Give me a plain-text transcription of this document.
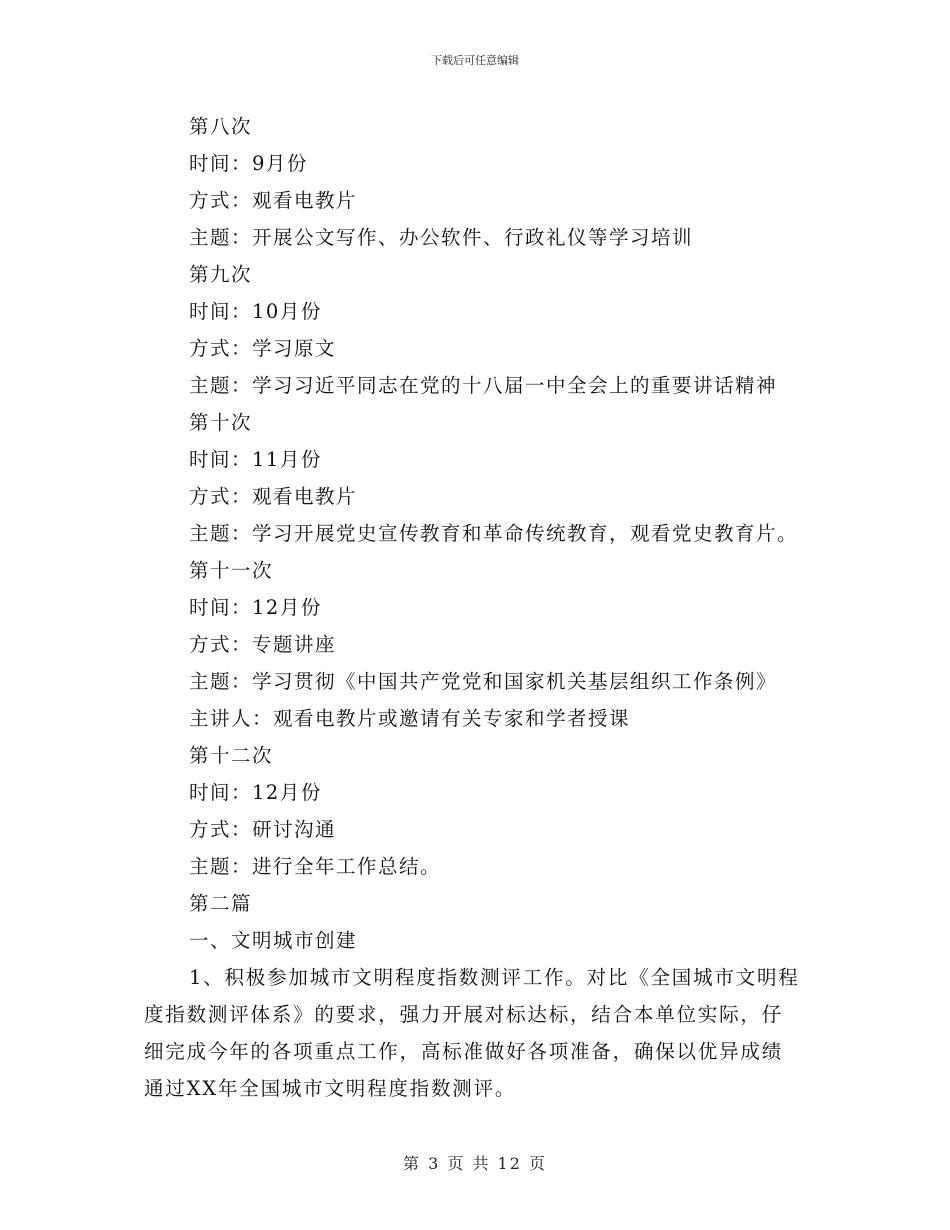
下载后可任意编辑
第八次
时间：9月份
方式：观看电教片
主题：开展公文写作、办公软件、行政礼仪等学习培训
第九次
时间：10月份
方式：学习原文
主题：学习习近平同志在党的十八届一中全会上的重要讲话精神
第十次
时间：11月份
方式：观看电教片
主题：学习开展党史宣传教育和革命传统教育，观看党史教育片。
第十一次
时间：12月份
方式：专题讲座
主题：学习贯彻《中国共产党党和国家机关基层组织工作条例》
主讲人：观看电教片或邀请有关专家和学者授课
第十二次
时间：12月份
方式：研讨沟通
主题：进行全年工作总结。
第二篇
一、文明城市创建

1、积极参加城市文明程度指数测评工作。对比《全国城市文明程度指数测评体系》的要求，强力开展对标达标，结合本单位实际，仔细完成今年的各项重点工作，高标准做好各项准备，确保以优异成绩通过XX年全国城市文明程度指数测评。

第 3 页 共 12 页
